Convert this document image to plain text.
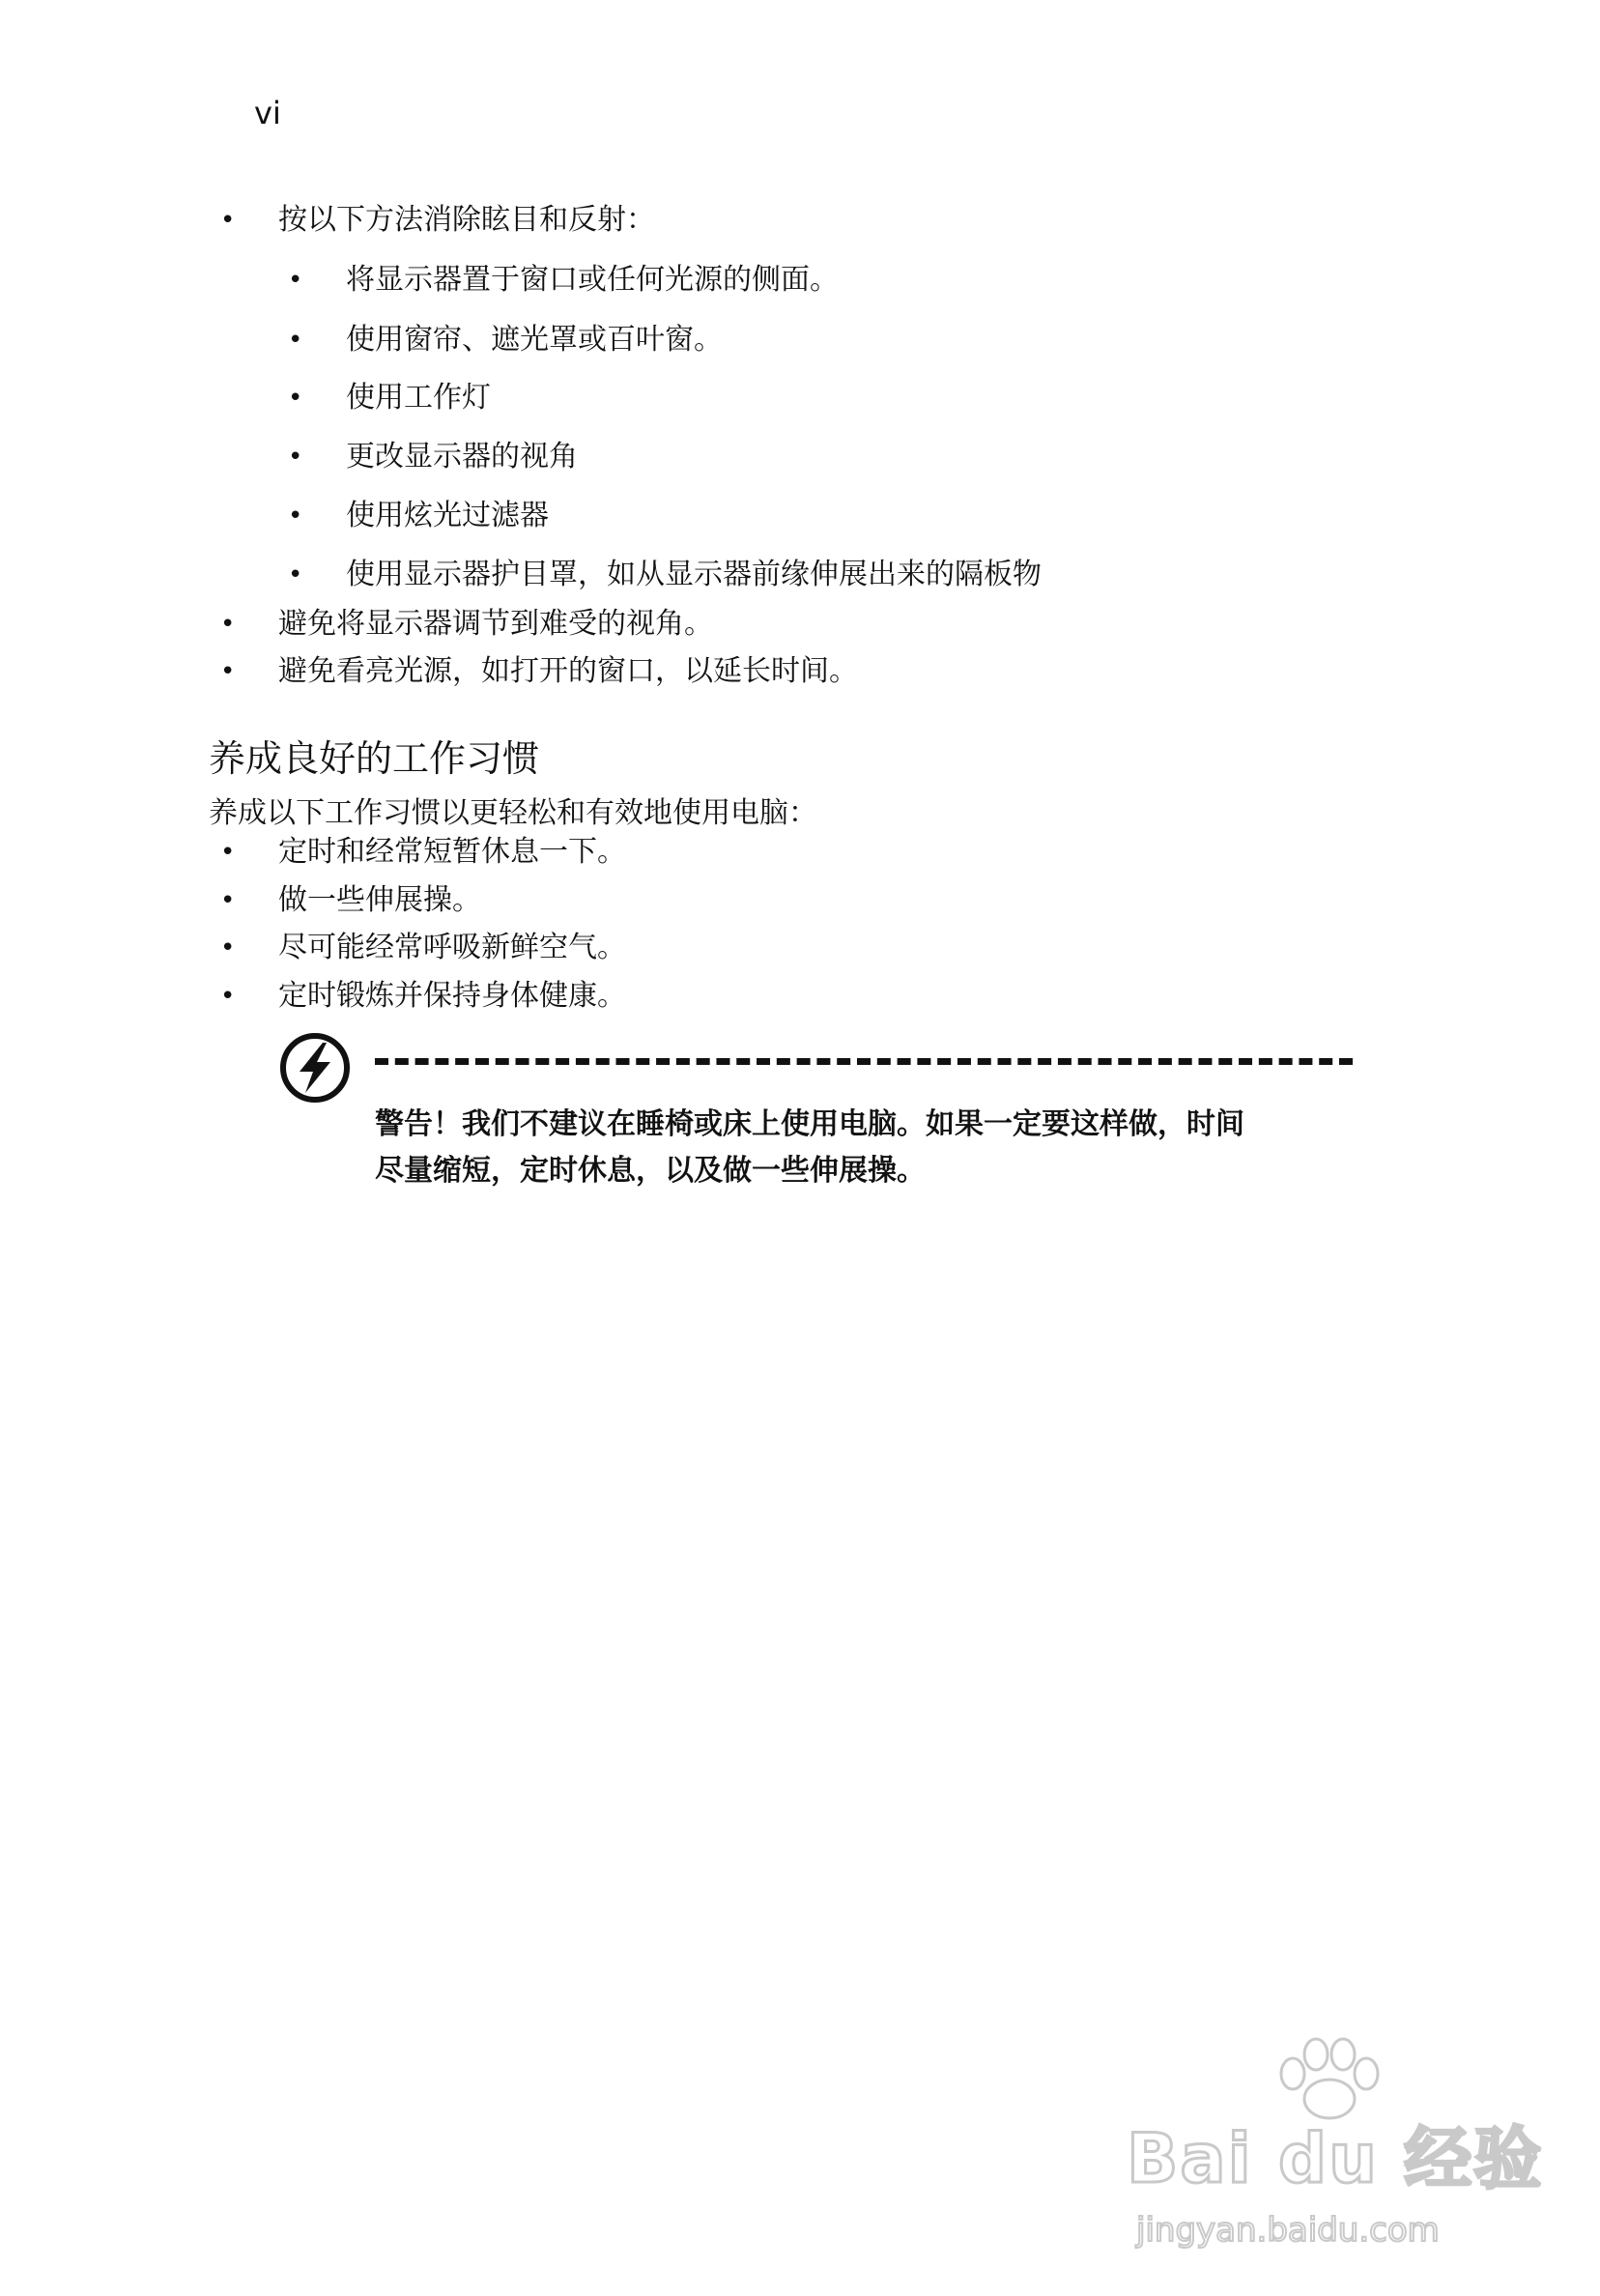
vi
• 按以下方法消除眩目和反射：
• 将显示器置于窗口或任何光源的侧面。
• 使用窗帘、遮光罩或百叶窗。
• 使用工作灯
• 更改显示器的视角
• 使用炫光过滤器
• 使用显示器护目罩，如从显示器前缘伸展出来的隔板物
• 避免将显示器调节到难受的视角。
• 避免看亮光源，如打开的窗口，以延长时间。
养成良好的工作习惯

养成以下工作习惯以更轻松和有效地使用电脑：

• 定时和经常短暂休息一下。
• 做一些伸展操。
• 尽可能经常呼吸新鲜空气。
• 定时锻炼并保持身体健康。
警告！我们不建议在睡椅或床上使用电脑。如果一定要这样做，时间
尽量缩短，定时休息，以及做一些伸展操。
Bai du 经验
jingyan.baidu.com
